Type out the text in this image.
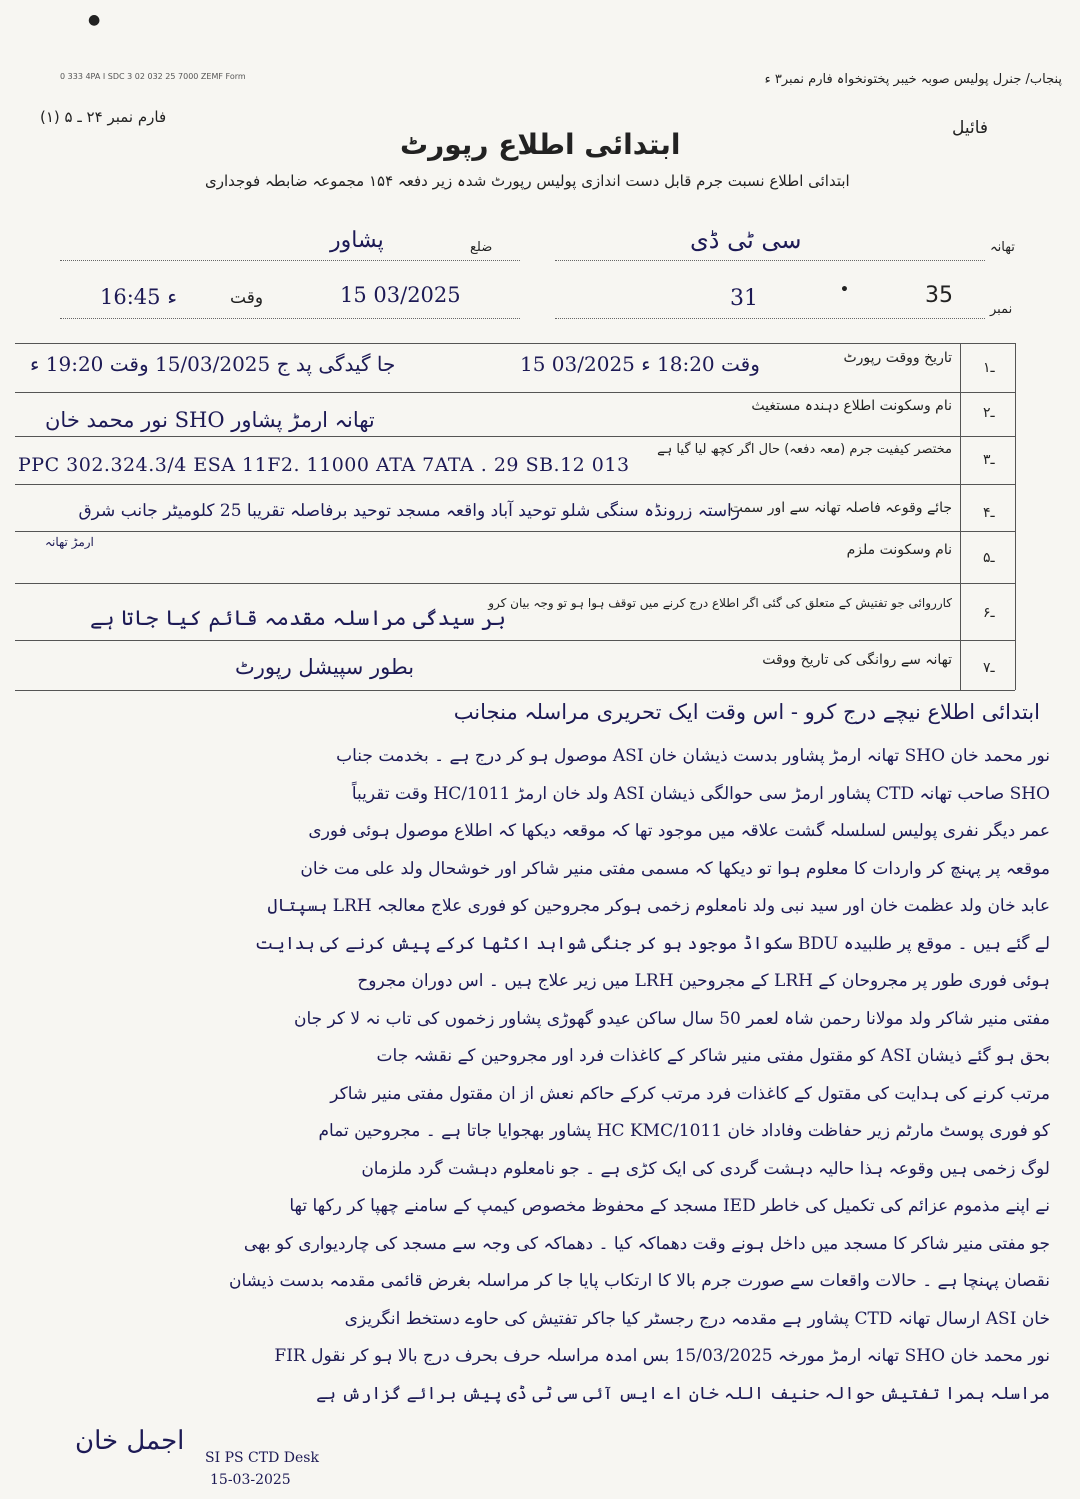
●
0 333 4PA I SDC 3 02 032 25 7000 ZEMF Form	پنجاب/ جنرل پولیس صوبہ خیبر پختونخواہ فارم نمبر۳ ء
فارم نمبر ۲۴ ـ ۵ (۱)
فائیل
ابتدائی اطلاع رپورٹ
ابتدائی اطلاع نسبت جرم قابل دست اندازی پولیس رپورٹ شدہ زیر دفعہ ۱۵۴ مجموعہ ضابطہ فوجداری
ضلع
پشاور	سی ٹی ڈی	تھانہ
16:45 ء	وقت	15 03/2025	31	•	35
نمبر
۱ـ
تاریخ ووقت رپورٹ
15 03/2025 وقت 18:20 ء
جا گیدگی پد ج 15/03/2025 وقت 19:20 ء
۲ـ
نام وسکونت اطلاع دہندہ مستغیث
نور محمد خان SHO تھانہ ارمڑ پشاور
۳ـ
مختصر کیفیت جرم (معہ دفعہ) حال اگر کچھ لیا گیا ہے
PPC 302.324.3/4 ESA 11F2. 11000 ATA 7ATA . 29 SB.12 013
۴ـ
جائے وقوعہ فاصلہ تھانہ سے اور سمت
راستہ زرونڈہ سنگی شلو توحید آباد واقعہ مسجد توحید برفاصلہ تقریبا 25 کلومیٹر جانب شرق
ارمڑ تھانہ
۵ـ
نام وسکونت ملزم
۶ـ
کارروائی جو تفتیش کے متعلق کی گئی اگر اطلاع درج کرنے میں توقف ہوا ہو تو وجہ بیان کرو
بر سیدگی مراسلہ مقدمہ قائم کیا جاتا ہے
۷ـ
تھانہ سے روانگی کی تاریخ ووقت
بطور سپیشل رپورٹ
ابتدائی اطلاع نیچے درج کرو - اس وقت ایک تحریری مراسلہ منجانب
نور محمد خان SHO تھانہ ارمڑ پشاور بدست ذیشان خان ASI موصول ہو کر درج ہے ۔ بخدمت جناب
SHO صاحب تھانہ CTD پشاور ارمڑ سی حوالگی ذیشان ASI ولد خان ارمڑ 1011/HC وقت تقریباً
عمر دیگر نفری پولیس لسلسلہ گشت علاقہ میں موجود تھا کہ موقعہ دیکھا کہ اطلاع موصول ہوئی فوری
موقعہ پر پہنچ کر واردات کا معلوم ہوا تو دیکھا کہ مسمی مفتی منیر شاکر اور خوشحال ولد علی مت خان
عابد خان ولد عظمت خان اور سید نبی ولد نامعلوم زخمی ہوکر مجروحین کو فوری علاج معالجہ LRH ہسپتال
لے گئے ہیں ۔ موقع پر طلبیدہ BDU سکواڈ موجود ہو کر جنگی شواہد اکٹھا کرکے پیش کرنے کی ہدایت
ہوئی فوری طور پر مجروحان کے LRH کے مجروحین LRH میں زیر علاج ہیں ۔ اس دوران مجروح
مفتی منیر شاکر ولد مولانا رحمن شاہ لعمر 50 سال ساکن عیدو گھوڑی پشاور زخموں کی تاب نہ لا کر جان
بحق ہو گئے ذیشان ASI کو مقتول مفتی منیر شاکر کے کاغذات فرد اور مجروحین کے نقشہ جات
مرتب کرنے کی ہدایت کی مقتول کے کاغذات فرد مرتب کرکے حاکم نعش از ان مقتول مفتی منیر شاکر
کو فوری پوسٹ مارٹم زیر حفاظت وفاداد خان 1011/HC KMC پشاور بھجوایا جاتا ہے ۔ مجروحین تمام
لوگ زخمی ہیں وقوعہ ہذا حالیہ دہشت گردی کی ایک کڑی ہے ۔ جو نامعلوم دہشت گرد ملزمان
نے اپنے مذموم عزائم کی تکمیل کی خاطر IED مسجد کے محفوظ مخصوص کیمپ کے سامنے چھپا کر رکھا تھا
جو مفتی منیر شاکر کا مسجد میں داخل ہونے وقت دھماکہ کیا ۔ دھماکہ کی وجہ سے مسجد کی چاردیواری کو بھی
نقصان پہنچا ہے ۔ حالات واقعات سے صورت جرم بالا کا ارتکاب پایا جا کر مراسلہ بغرض قائمی مقدمہ بدست ذیشان
خان ASI ارسال تھانہ CTD پشاور ہے مقدمہ درج رجسٹر کیا جاکر تفتیش کی حاوے دستخط انگریزی
نور محمد خان SHO تھانہ ارمڑ مورخہ 15/03/2025 بس امدہ مراسلہ حرف بحرف درج بالا ہو کر نقول FIR
مراسلہ ہمرا تفتیش حوالہ حنیف اللہ خان اے ایس آئی سی ٹی ڈی پیش برائے گزارش ہے
اجمل خان
SI PS CTD Desk
15-03-2025
